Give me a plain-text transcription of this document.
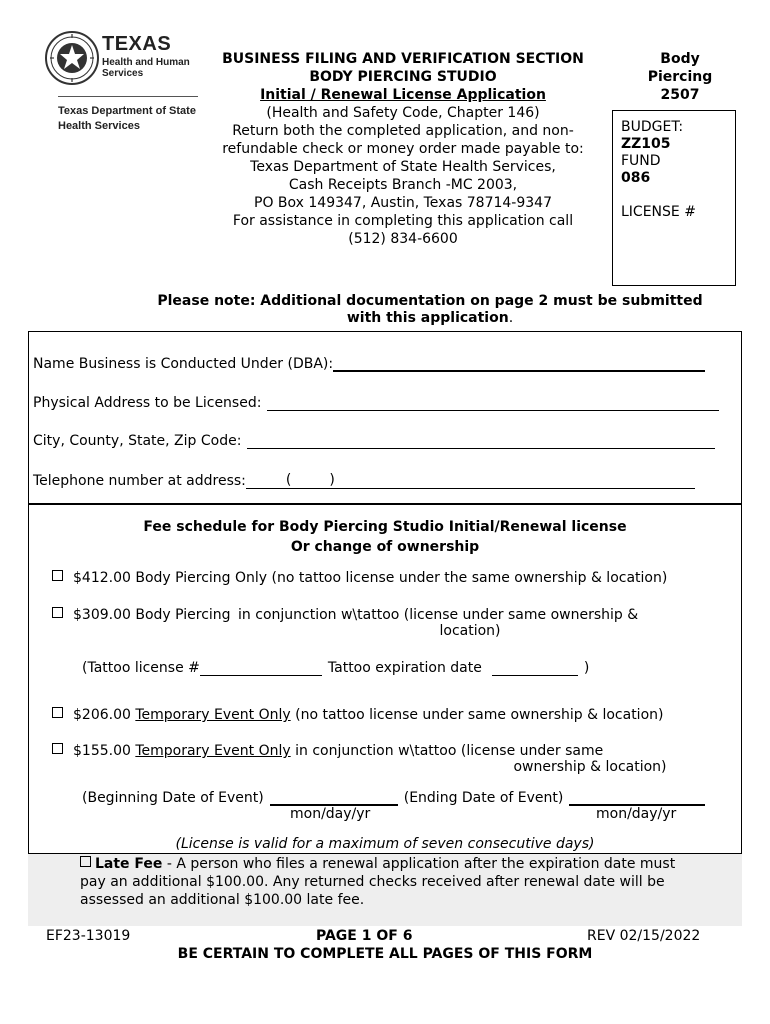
TEXAS
Health and Human
Services
Texas Department of State
Health Services
BUSINESS FILING AND VERIFICATION SECTION
BODY PIERCING STUDIO
Initial / Renewal License Application
(Health and Safety Code, Chapter 146)
Return both the completed application, and non-
refundable check or money order made payable to:
Texas Department of State Health Services,
Cash Receipts Branch -MC 2003,
PO Box 149347, Austin, Texas 78714-9347
For assistance in completing this application call
(512) 834-6600
Body
Piercing
2507
BUDGET:
ZZ105
FUND
086
LICENSE #
Please note: Additional documentation on page 2 must be submitted
with this application.
Name Business is Conducted Under (DBA):
Physical Address to be Licensed:
City, County, State, Zip Code:
Telephone number at address:	(	)
Fee schedule for Body Piercing Studio Initial/Renewal license
Or change of ownership
$412.00 Body Piercing Only (no tattoo license under the same ownership & location)
$309.00 Body Piercing in conjunction w\tattoo (license under same ownership &
location)
(Tattoo license #	Tattoo expiration date	)
$206.00 Temporary Event Only (no tattoo license under same ownership & location)
$155.00 Temporary Event Only in conjunction w\tattoo (license under same
ownership & location)
(Beginning Date of Event)	(Ending Date of Event)
mon/day/yr	mon/day/yr
(License is valid for a maximum of seven consecutive days)
Late Fee - A person who files a renewal application after the expiration date must
pay an additional $100.00. Any returned checks received after renewal date will be
assessed an additional $100.00 late fee.
EF23-13019	PAGE 1 OF 6	REV 02/15/2022
BE CERTAIN TO COMPLETE ALL PAGES OF THIS FORM
